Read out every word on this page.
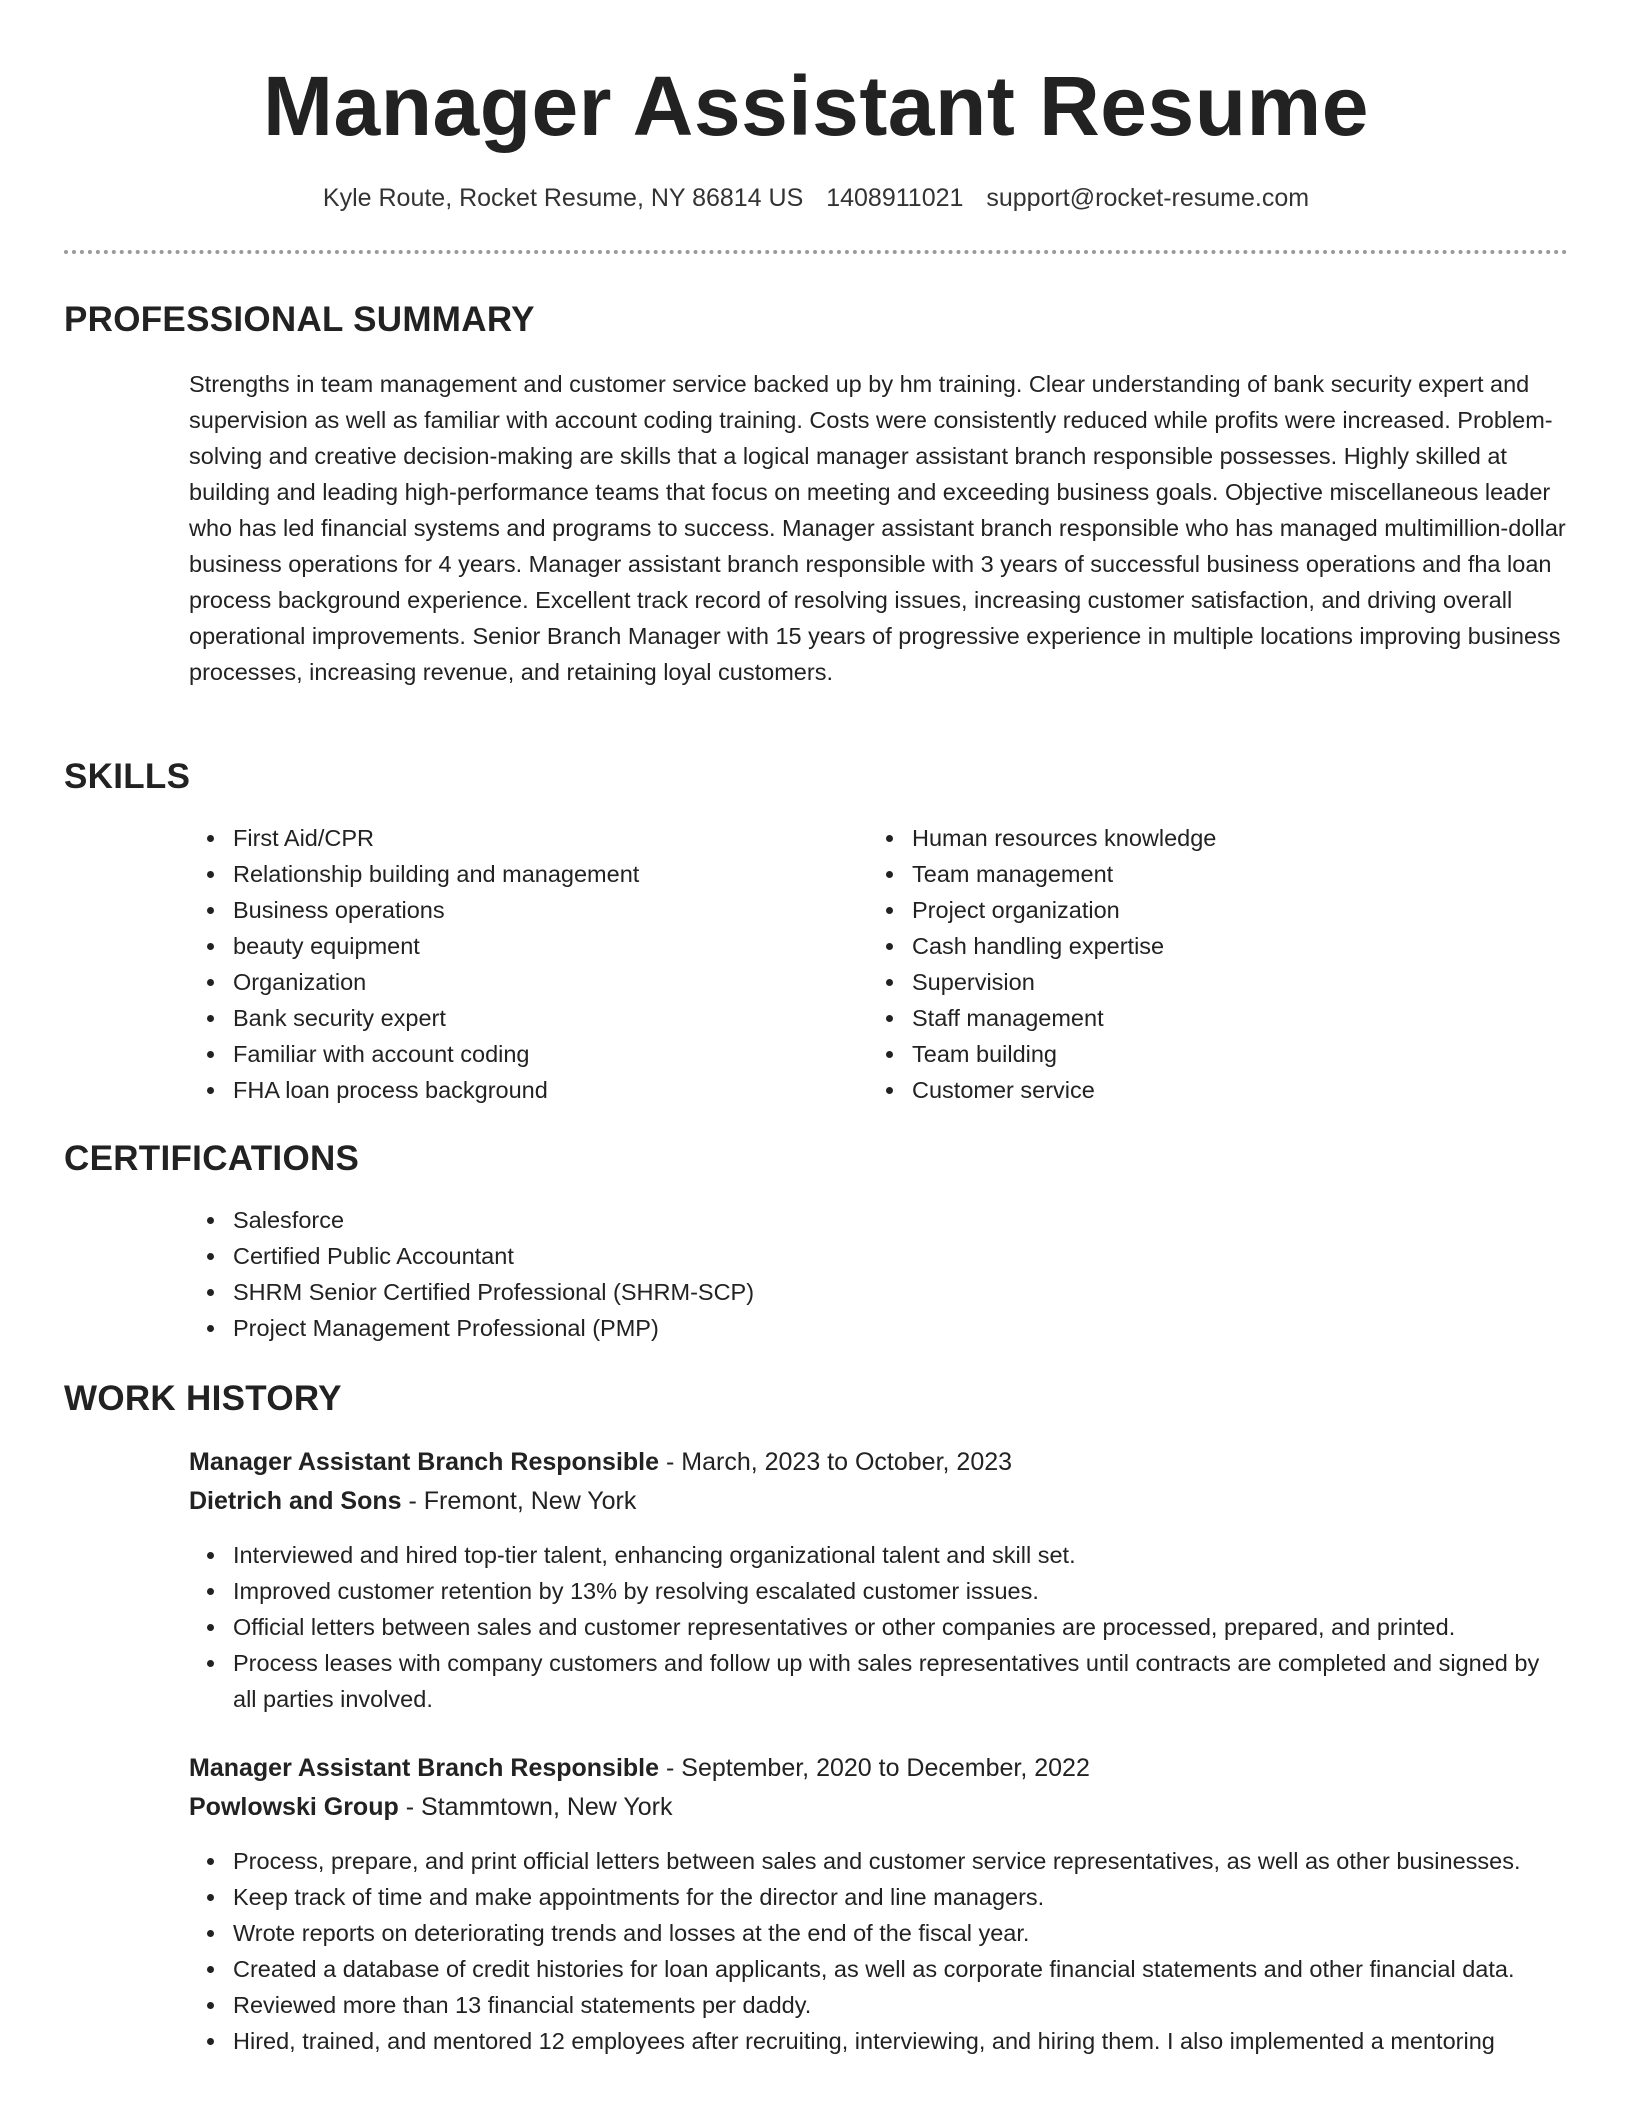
Manager Assistant Resume
Kyle Route, Rocket Resume, NY 86814 US 1408911021 support@rocket-resume.com
PROFESSIONAL SUMMARY

Strengths in team management and customer service backed up by hm training. Clear understanding of bank security expert and supervision as well as familiar with account coding training. Costs were consistently reduced while profits were increased. Problem-solving and creative decision-making are skills that a logical manager assistant branch responsible possesses. Highly skilled at building and leading high-performance teams that focus on meeting and exceeding business goals. Objective miscellaneous leader who has led financial systems and programs to success. Manager assistant branch responsible who has managed multimillion-dollar business operations for 4 years. Manager assistant branch responsible with 3 years of successful business operations and fha loan process background experience. Excellent track record of resolving issues, increasing customer satisfaction, and driving overall operational improvements. Senior Branch Manager with 15 years of progressive experience in multiple locations improving business processes, increasing revenue, and retaining loyal customers.

SKILLS
First Aid/CPR
Relationship building and management
Business operations
beauty equipment
Organization
Bank security expert
Familiar with account coding
FHA loan process background
Human resources knowledge
Team management
Project organization
Cash handling expertise
Supervision
Staff management
Team building
Customer service
CERTIFICATIONS
Salesforce
Certified Public Accountant
SHRM Senior Certified Professional (SHRM-SCP)
Project Management Professional (PMP)
WORK HISTORY
Manager Assistant Branch Responsible - March, 2023 to October, 2023
Dietrich and Sons - Fremont, New York
Interviewed and hired top-tier talent, enhancing organizational talent and skill set.
Improved customer retention by 13% by resolving escalated customer issues.
Official letters between sales and customer representatives or other companies are processed, prepared, and printed.
Process leases with company customers and follow up with sales representatives until contracts are completed and signed by all parties involved.
Manager Assistant Branch Responsible - September, 2020 to December, 2022
Powlowski Group - Stammtown, New York
Process, prepare, and print official letters between sales and customer service representatives, as well as other businesses.
Keep track of time and make appointments for the director and line managers.
Wrote reports on deteriorating trends and losses at the end of the fiscal year.
Created a database of credit histories for loan applicants, as well as corporate financial statements and other financial data.
Reviewed more than 13 financial statements per daddy.
Hired, trained, and mentored 12 employees after recruiting, interviewing, and hiring them. I also implemented a mentoring
